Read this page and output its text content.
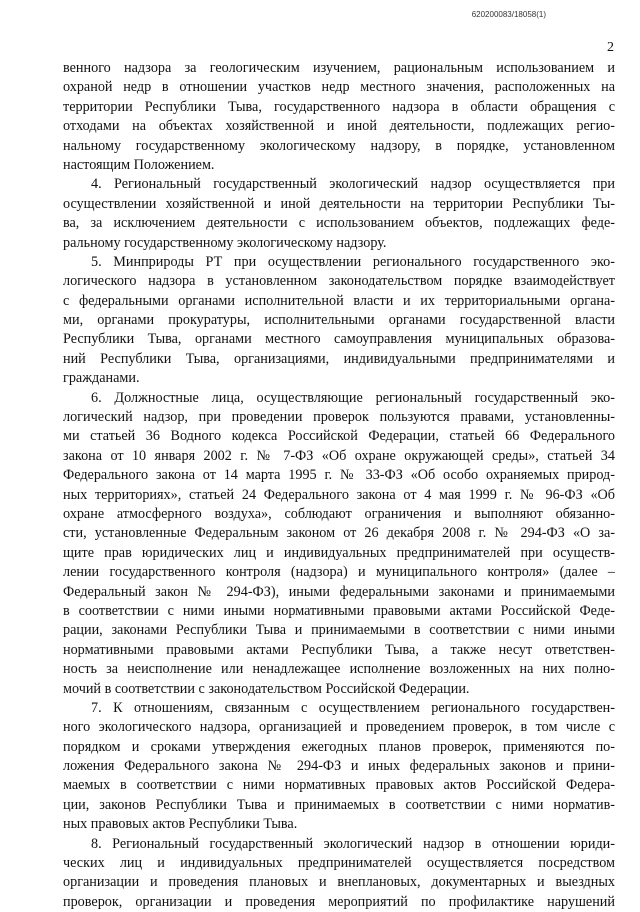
620200083/18058(1)
2
венного надзора за геологическим изучением, рациональным использованием и
охраной недр в отношении участков недр местного значения, расположенных на
территории Республики Тыва, государственного надзора в области обращения с
отходами на объектах хозяйственной и иной деятельности, подлежащих регио-
нальному государственному экологическому надзору, в порядке, установленном
настоящим Положением.
4. Региональный государственный экологический надзор осуществляется при
осуществлении хозяйственной и иной деятельности на территории Республики Ты-
ва, за исключением деятельности с использованием объектов, подлежащих феде-
ральному государственному экологическому надзору.
5. Минприроды РТ при осуществлении регионального государственного эко-
логического надзора в установленном законодательством порядке взаимодействует
с федеральными органами исполнительной власти и их территориальными органа-
ми, органами прокуратуры, исполнительными органами государственной власти
Республики Тыва, органами местного самоуправления муниципальных образова-
ний Республики Тыва, организациями, индивидуальными предпринимателями и
гражданами.
6. Должностные лица, осуществляющие региональный государственный эко-
логический надзор, при проведении проверок пользуются правами, установленны-
ми статьей 36 Водного кодекса Российской Федерации, статьей 66 Федерального
закона от 10 января 2002 г. № 7-ФЗ «Об охране окружающей среды», статьей 34
Федерального закона от 14 марта 1995 г. № 33-ФЗ «Об особо охраняемых природ-
ных территориях», статьей 24 Федерального закона от 4 мая 1999 г. № 96-ФЗ «Об
охране атмосферного воздуха», соблюдают ограничения и выполняют обязанно-
сти, установленные Федеральным законом от 26 декабря 2008 г. № 294-ФЗ «О за-
щите прав юридических лиц и индивидуальных предпринимателей при осуществ-
лении государственного контроля (надзора) и муниципального контроля» (далее –
Федеральный закон № 294-ФЗ), иными федеральными законами и принимаемыми
в соответствии с ними иными нормативными правовыми актами Российской Феде-
рации, законами Республики Тыва и принимаемыми в соответствии с ними иными
нормативными правовыми актами Республики Тыва, а также несут ответствен-
ность за неисполнение или ненадлежащее исполнение возложенных на них полно-
мочий в соответствии с законодательством Российской Федерации.
7. К отношениям, связанным с осуществлением регионального государствен-
ного экологического надзора, организацией и проведением проверок, в том числе с
порядком и сроками утверждения ежегодных планов проверок, применяются по-
ложения Федерального закона № 294-ФЗ и иных федеральных законов и прини-
маемых в соответствии с ними нормативных правовых актов Российской Федера-
ции, законов Республики Тыва и принимаемых в соответствии с ними норматив-
ных правовых актов Республики Тыва.
8. Региональный государственный экологический надзор в отношении юриди-
ческих лиц и индивидуальных предпринимателей осуществляется посредством
организации и проведения плановых и внеплановых, документарных и выездных
проверок, организации и проведения мероприятий по профилактике нарушений
